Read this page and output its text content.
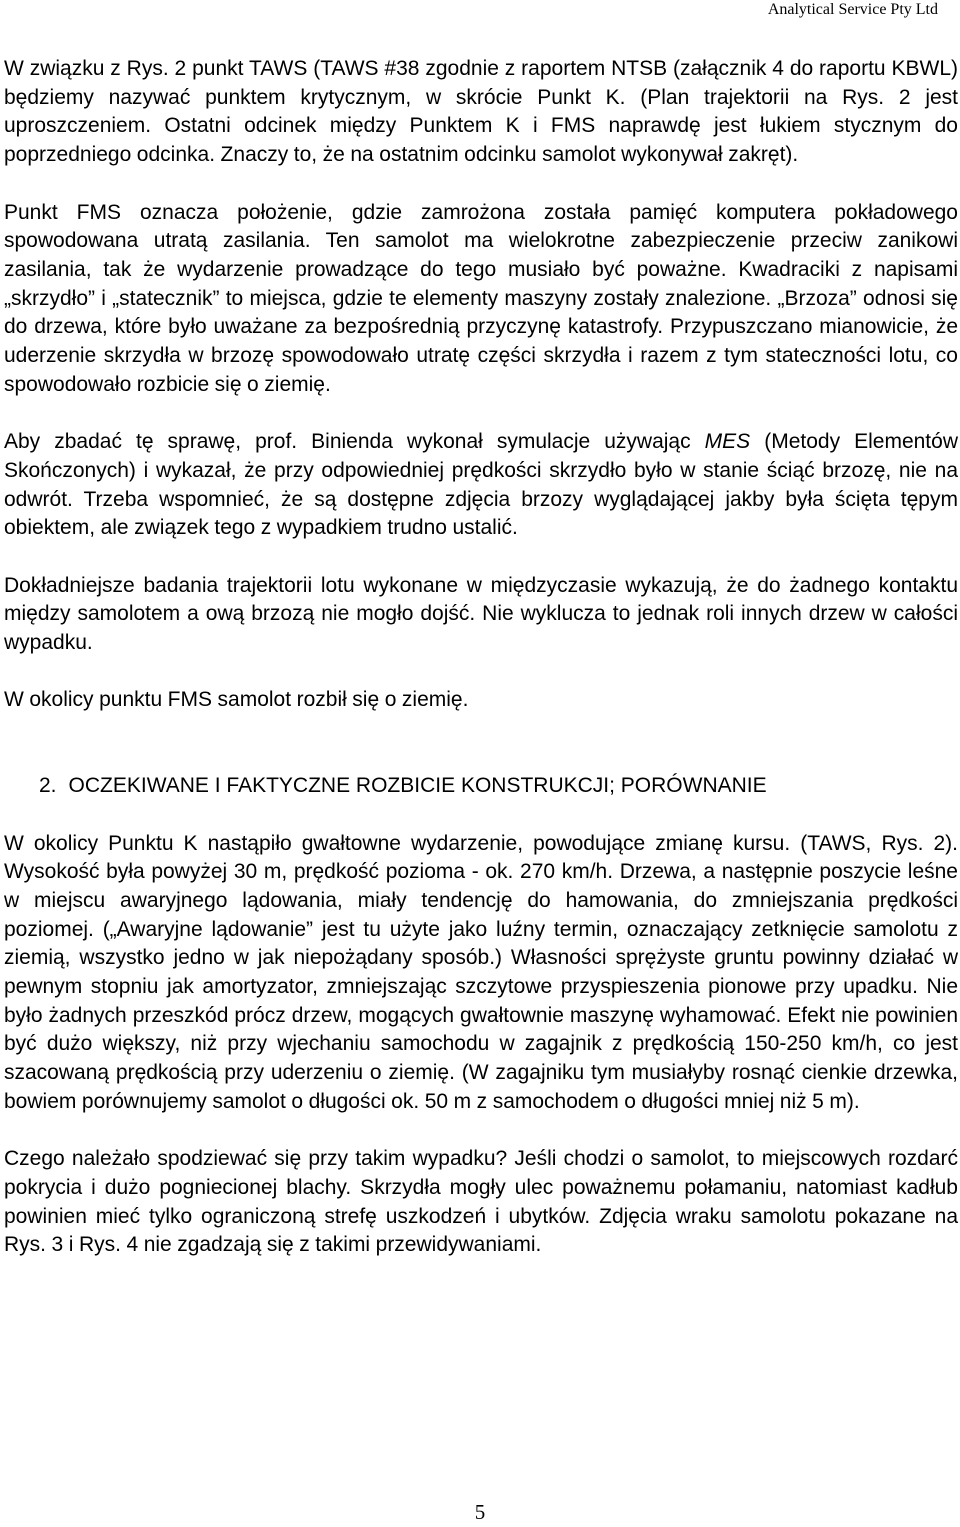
Analytical Service Pty Ltd

W związku z Rys. 2 punkt TAWS (TAWS #38 zgodnie z raportem NTSB (załącznik 4 do raportu KBWL) będziemy nazywać punktem krytycznym, w skrócie Punkt K. (Plan trajektorii na Rys. 2 jest uproszczeniem. Ostatni odcinek między Punktem K i FMS naprawdę jest łukiem stycznym do poprzedniego odcinka. Znaczy to, że na ostatnim odcinku samolot wykonywał zakręt).

Punkt FMS oznacza położenie, gdzie zamrożona została pamięć komputera pokładowego spowodowana utratą zasilania. Ten samolot ma wielokrotne zabezpieczenie przeciw zanikowi zasilania, tak że wydarzenie prowadzące do tego musiało być poważne. Kwadraciki z napisami „skrzydło” i „statecznik” to miejsca, gdzie te elementy maszyny zostały znalezione. „Brzoza” odnosi się do drzewa, które było uważane za bezpośrednią przyczynę katastrofy. Przypuszczano mianowicie, że uderzenie skrzydła w brzozę spowodowało utratę części skrzydła i razem z tym stateczności lotu, co spowodowało rozbicie się o ziemię.

Aby zbadać tę sprawę, prof. Binienda wykonał symulacje używając MES (Metody Elementów Skończonych) i wykazał, że przy odpowiedniej prędkości skrzydło było w stanie ściąć brzozę, nie na odwrót. Trzeba wspomnieć, że są dostępne zdjęcia brzozy wyglądającej jakby była ścięta tępym obiektem, ale związek tego z wypadkiem trudno ustalić.

Dokładniejsze badania trajektorii lotu wykonane w międzyczasie wykazują, że do żadnego kontaktu między samolotem a ową brzozą nie mogło dojść. Nie wyklucza to jednak roli innych drzew w całości wypadku.

W okolicy punktu FMS samolot rozbił się o ziemię.

2. OCZEKIWANE I FAKTYCZNE ROZBICIE KONSTRUKCJI; PORÓWNANIE

W okolicy Punktu K nastąpiło gwałtowne wydarzenie, powodujące zmianę kursu. (TAWS, Rys. 2). Wysokość była powyżej 30 m, prędkość pozioma - ok. 270 km/h. Drzewa, a następnie poszycie leśne w miejscu awaryjnego lądowania, miały tendencję do hamowania, do zmniejszania prędkości poziomej. („Awaryjne lądowanie” jest tu użyte jako luźny termin, oznaczający zetknięcie samolotu z ziemią, wszystko jedno w jak niepożądany sposób.) Własności sprężyste gruntu powinny działać w pewnym stopniu jak amortyzator, zmniejszając szczytowe przyspieszenia pionowe przy upadku. Nie było żadnych przeszkód prócz drzew, mogących gwałtownie maszynę wyhamować. Efekt nie powinien być dużo większy, niż przy wjechaniu samochodu w zagajnik z prędkością 150-250 km/h, co jest szacowaną prędkością przy uderzeniu o ziemię. (W zagajniku tym musiałyby rosnąć cienkie drzewka, bowiem porównujemy samolot o długości ok. 50 m z samochodem o długości mniej niż 5 m).

Czego należało spodziewać się przy takim wypadku? Jeśli chodzi o samolot, to miejscowych rozdarć pokrycia i dużo pogniecionej blachy. Skrzydła mogły ulec poważnemu połamaniu, natomiast kadłub powinien mieć tylko ograniczoną strefę uszkodzeń i ubytków. Zdjęcia wraku samolotu pokazane na Rys. 3 i Rys. 4 nie zgadzają się z takimi przewidywaniami.

5
